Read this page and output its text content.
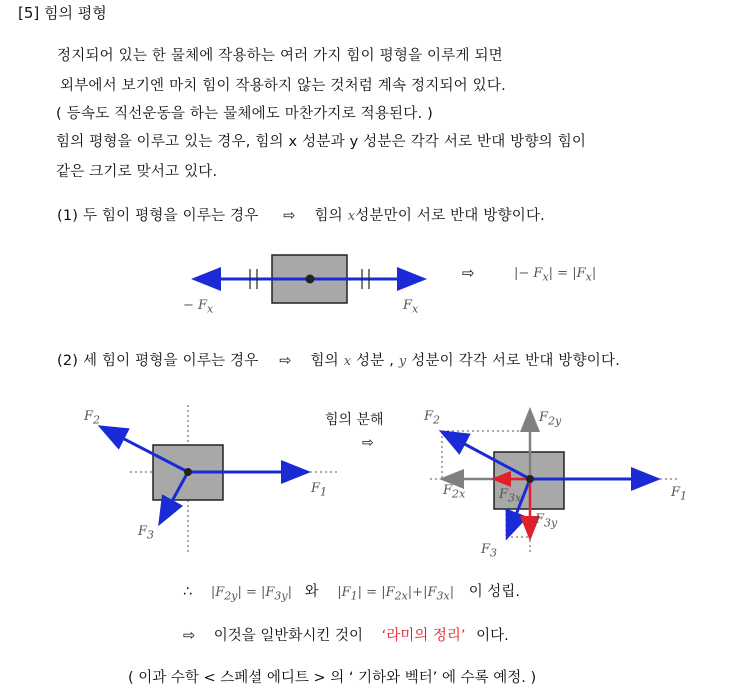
[5] 힘의 평형
정지되어 있는 한 물체에 작용하는 여러 가지 힘이 평형을 이루게 되면
외부에서 보기엔 마치 힘이 작용하지 않는 것처럼 계속 정지되어 있다.
( 등속도 직선운동을 하는 물체에도 마찬가지로 적용된다. )
힘의 평형을 이루고 있는 경우, 힘의 x 성분과 y 성분은 각각 서로 반대 방향의 힘이
같은 크기로 맞서고 있다.
(1) 두 힘이 평형을 이루는 경우 ⇨ 힘의 x성분만이 서로 반대 방향이다.
− $F_x$	$F_x$
⇨	|− $F_x| = |F_x|$
(2) 세 힘이 평형을 이루는 경우 ⇨ 힘의 x 성분 , y 성분이 각각 서로 반대 방향이다.
힘의 분해
⇨
$F_2$
$F_1$
$F_3$
$F_2$	$F_{2y}$
$F_{2x}$	$F_{3x}$
$F_{3y}$
$F_3$
$F_1$
∴ $|F_{2y}| = |F_{3y}|$ 와 $|F_1| = |F_{2x}|+|F_{3x}|$ 이 성립.
⇨ 이것을 일반화시킨 것이 ‘라미의 정리’ 이다.
( 이과 수학 < 스페셜 에디트 > 의 ‘ 기하와 벡터’ 에 수록 예정. )
